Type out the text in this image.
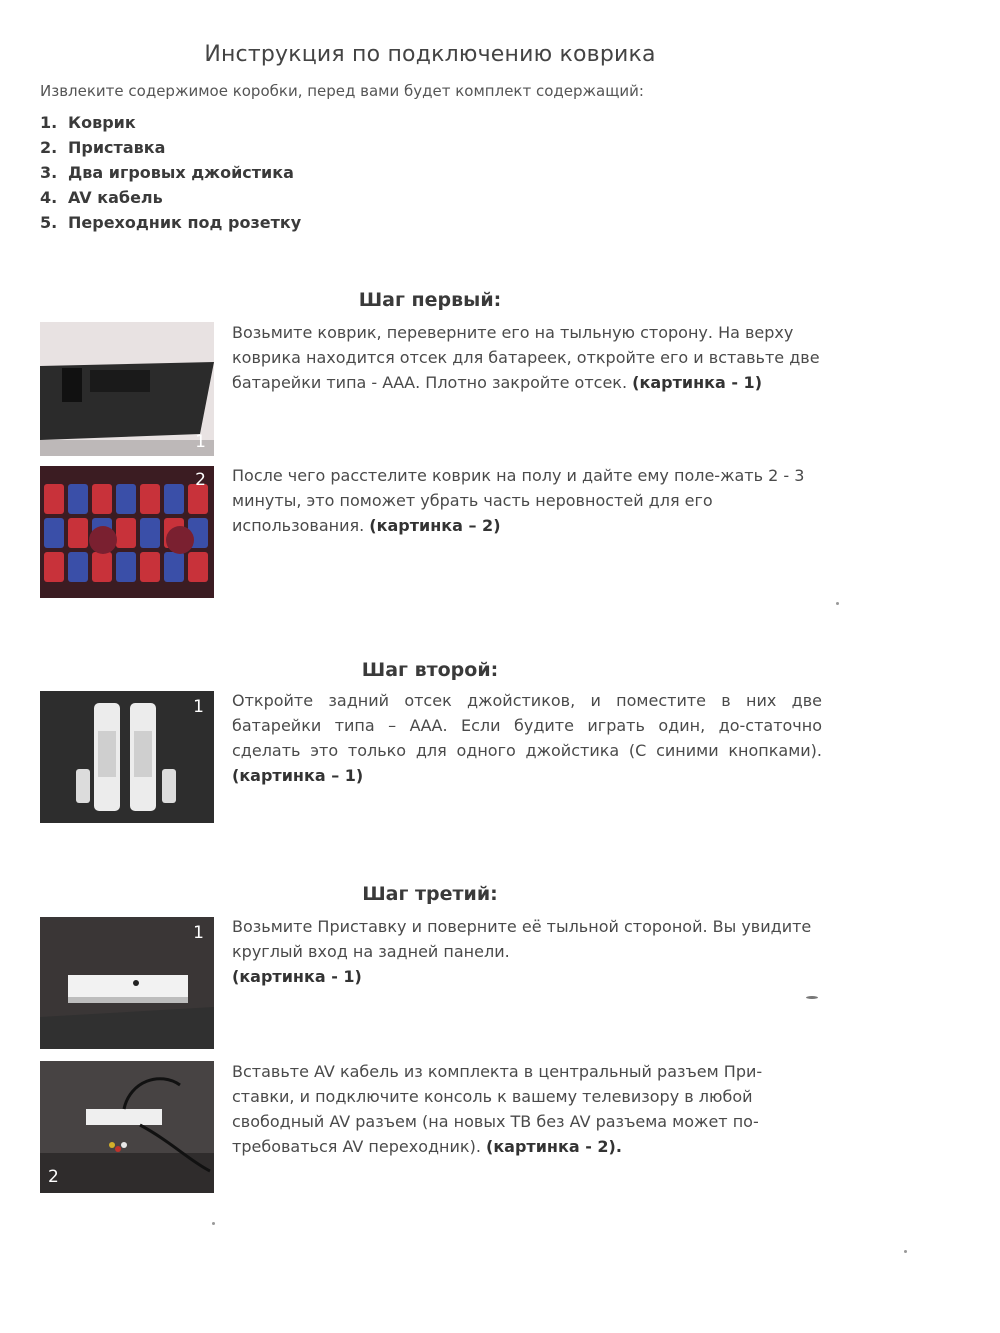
Инструкция по подключению коврика
Извлеките содержимое коробки, перед вами будет комплект содержащий:
1. Коврик
2. Приставка
3. Два игровых джойстика
4. AV кабель
5. Переходник под розетку
Шаг первый:
1
Возьмите коврик, переверните его на тыльную сторону. На верху коврика находится отсек для батареек, откройте его и вставьте две батарейки типа - ААА. Плотно закройте отсек. (картинка - 1)
2 После чего расстелите коврик на полу и дайте ему поле-жать 2 - 3 минуты, это поможет убрать часть неровностей для его использования. (картинка – 2)
Шаг второй:
1 Откройте задний отсек джойстиков, и поместите в них две батарейки типа – ААА. Если будите играть один, до-статочно сделать это только для одного джойстика (С синими кнопками). (картинка – 1)
Шаг третий:
1 Возьмите Приставку и поверните её тыльной стороной. Вы увидите круглый вход на задней панели.
(картинка - 1)
2
Вставьте AV кабель из комплекта в центральный разъем При-ставки, и подключите консоль к вашему телевизору в любой свободный AV разъем (на новых ТВ без AV разъема может по-требоваться AV переходник). (картинка - 2).
